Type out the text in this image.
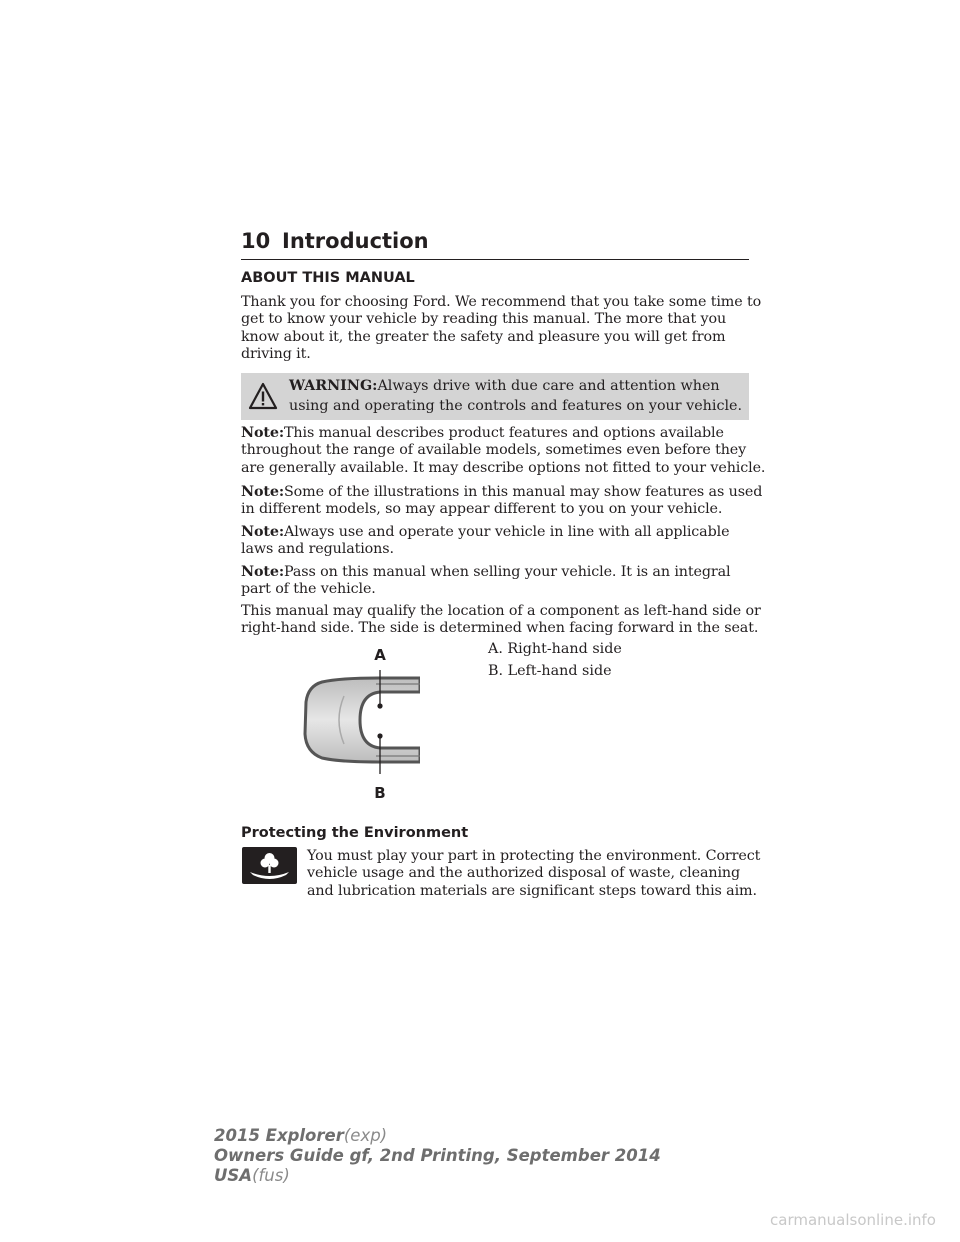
10 Introduction
ABOUT THIS MANUAL
Thank you for choosing Ford. We recommend that you take some time to
get to know your vehicle by reading this manual. The more that you
know about it, the greater the safety and pleasure you will get from
driving it.
WARNING:Always drive with due care and attention when
using and operating the controls and features on your vehicle.
Note:This manual describes product features and options available
throughout the range of available models, sometimes even before they
are generally available. It may describe options not fitted to your vehicle.
Note:Some of the illustrations in this manual may show features as used
in different models, so may appear different to you on your vehicle.
Note:Always use and operate your vehicle in line with all applicable
laws and regulations.
Note:Pass on this manual when selling your vehicle. It is an integral
part of the vehicle.
This manual may qualify the location of a component as left-hand side or
right-hand side. The side is determined when facing forward in the seat.
A
B
A. Right-hand side
B. Left-hand side
Protecting the Environment
You must play your part in protecting the environment. Correct
vehicle usage and the authorized disposal of waste, cleaning
and lubrication materials are significant steps toward this aim.
2015 Explorer(exp)
Owners Guide gf, 2nd Printing, September 2014
USA(fus)
carmanualsonline.info
